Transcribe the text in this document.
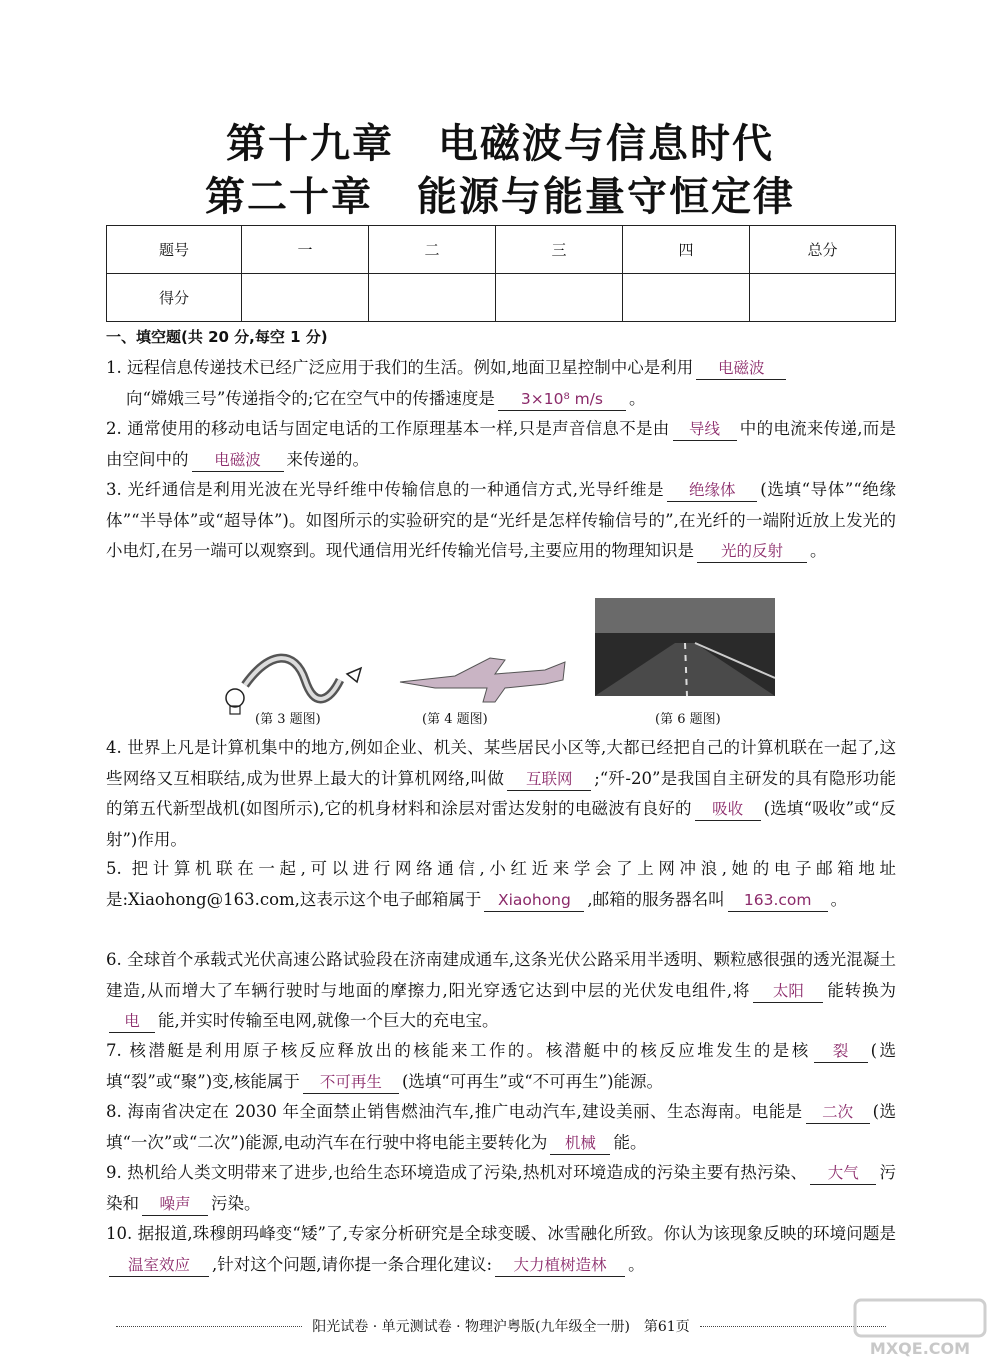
第十九章 电磁波与信息时代
第二十章 能源与能量守恒定律
题号	一	二	三	四	总分
得分					
一、填空题(共 20 分,每空 1 分)
1. 远程信息传递技术已经广泛应用于我们的生活。例如,地面卫星控制中心是利用 电磁波
向“嫦娥三号”传递指令的;它在空气中的传播速度是 3×10⁸ m/s 。
2. 通常使用的移动电话与固定电话的工作原理基本一样,只是声音信息不是由 导线 中的电流来传递,而是由空间中的 电磁波 来传递的。
3. 光纤通信是利用光波在光导纤维中传输信息的一种通信方式,光导纤维是 绝缘体 (选填“导体”“绝缘体”“半导体”或“超导体”)。如图所示的实验研究的是“光纤是怎样传输信号的”,在光纤的一端附近放上发光的小电灯,在另一端可以观察到。现代通信用光纤传输光信号,主要应用的物理知识是 光的反射 。
(第 3 题图)	(第 4 题图)	(第 6 题图)
4. 世界上凡是计算机集中的地方,例如企业、机关、某些居民小区等,大都已经把自己的计算机联在一起了,这些网络又互相联结,成为世界上最大的计算机网络,叫做 互联网 ;“歼-20”是我国自主研发的具有隐形功能的第五代新型战机(如图所示),它的机身材料和涂层对雷达发射的电磁波有良好的 吸收 (选填“吸收”或“反射”)作用。
5. 把计算机联在一起,可以进行网络通信,小红近来学会了上网冲浪,她的电子邮箱地址是:Xiaohong@163.com,这表示这个电子邮箱属于 Xiaohong ,邮箱的服务器名叫 163.com 。
6. 全球首个承载式光伏高速公路试验段在济南建成通车,这条光伏公路采用半透明、颗粒感很强的透光混凝土建造,从而增大了车辆行驶时与地面的摩擦力,阳光穿透它达到中层的光伏发电组件,将 太阳 能转换为电 能,并实时传输至电网,就像一个巨大的充电宝。
7. 核潜艇是利用原子核反应释放出的核能来工作的。核潜艇中的核反应堆发生的是核 裂 (选填“裂”或“聚”)变,核能属于 不可再生 (选填“可再生”或“不可再生”)能源。
8. 海南省决定在 2030 年全面禁止销售燃油汽车,推广电动汽车,建设美丽、生态海南。电能是 二次 (选填“一次”或“二次”)能源,电动汽车在行驶中将电能主要转化为 机械 能。
9. 热机给人类文明带来了进步,也给生态环境造成了污染,热机对环境造成的污染主要有热污染、 大气 污染和 噪声 污染。
10. 据报道,珠穆朗玛峰变“矮”了,专家分析研究是全球变暖、冰雪融化所致。你认为该现象反映的环境问题是温室效应 ,针对这个问题,请你提一条合理化建议: 大力植树造林 。
阳光试卷 · 单元测试卷 · 物理沪粤版(九年级全一册)　第61页
MXQE.COM
